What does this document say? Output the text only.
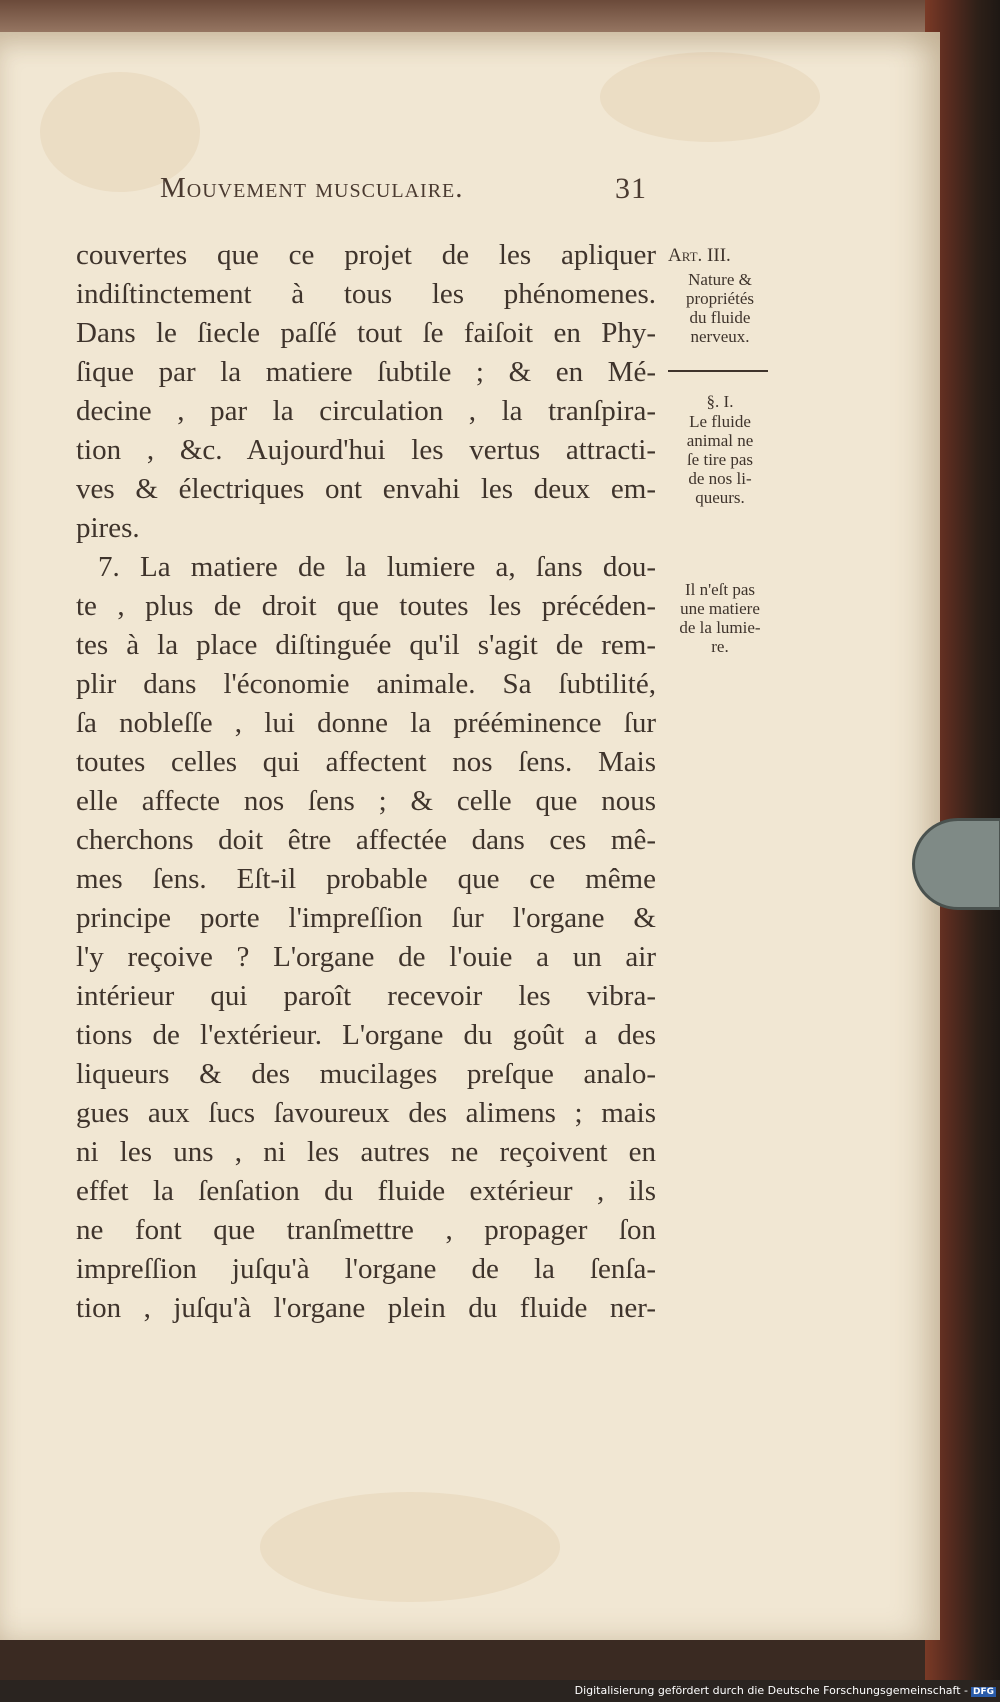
Mouvement musculaire.	31
couvertes que ce projet de les apliquer
indiſtinctement à tous les phénomenes.
Dans le ſiecle paſſé tout ſe faiſoit en Phy-
ſique par la matiere ſubtile ; & en Mé-
decine , par la circulation , la tranſpira-
tion , &c. Aujourd'hui les vertus attracti-
ves & électriques ont envahi les deux em-
pires.
7. La matiere de la lumiere a, ſans dou-
te , plus de droit que toutes les précéden-
tes à la place diſtinguée qu'il s'agit de rem-
plir dans l'économie animale. Sa ſubtilité,
ſa nobleſſe , lui donne la prééminence ſur
toutes celles qui affectent nos ſens. Mais
elle affecte nos ſens ; & celle que nous
cherchons doit être affectée dans ces mê-
mes ſens. Eſt-il probable que ce même
principe porte l'impreſſion ſur l'organe &
l'y reçoive ? L'organe de l'ouie a un air
intérieur qui paroît recevoir les vibra-
tions de l'extérieur. L'organe du goût a des
liqueurs & des mucilages preſque analo-
gues aux ſucs ſavoureux des alimens ; mais
ni les uns , ni les autres ne reçoivent en
effet la ſenſation du fluide extérieur , ils
ne font que tranſmettre , propager ſon
impreſſion juſqu'à l'organe de la ſenſa-
tion , juſqu'à l'organe plein du fluide ner-
Art. III.
Nature &
propriétés
du fluide
nerveux.
§. I.
Le fluide
animal ne
ſe tire pas
de nos li-
queurs.
Il n'eſt pas
une matiere
de la lumie-
re.
Digitalisierung gefördert durch die Deutsche Forschungsgemeinschaft - DFG
